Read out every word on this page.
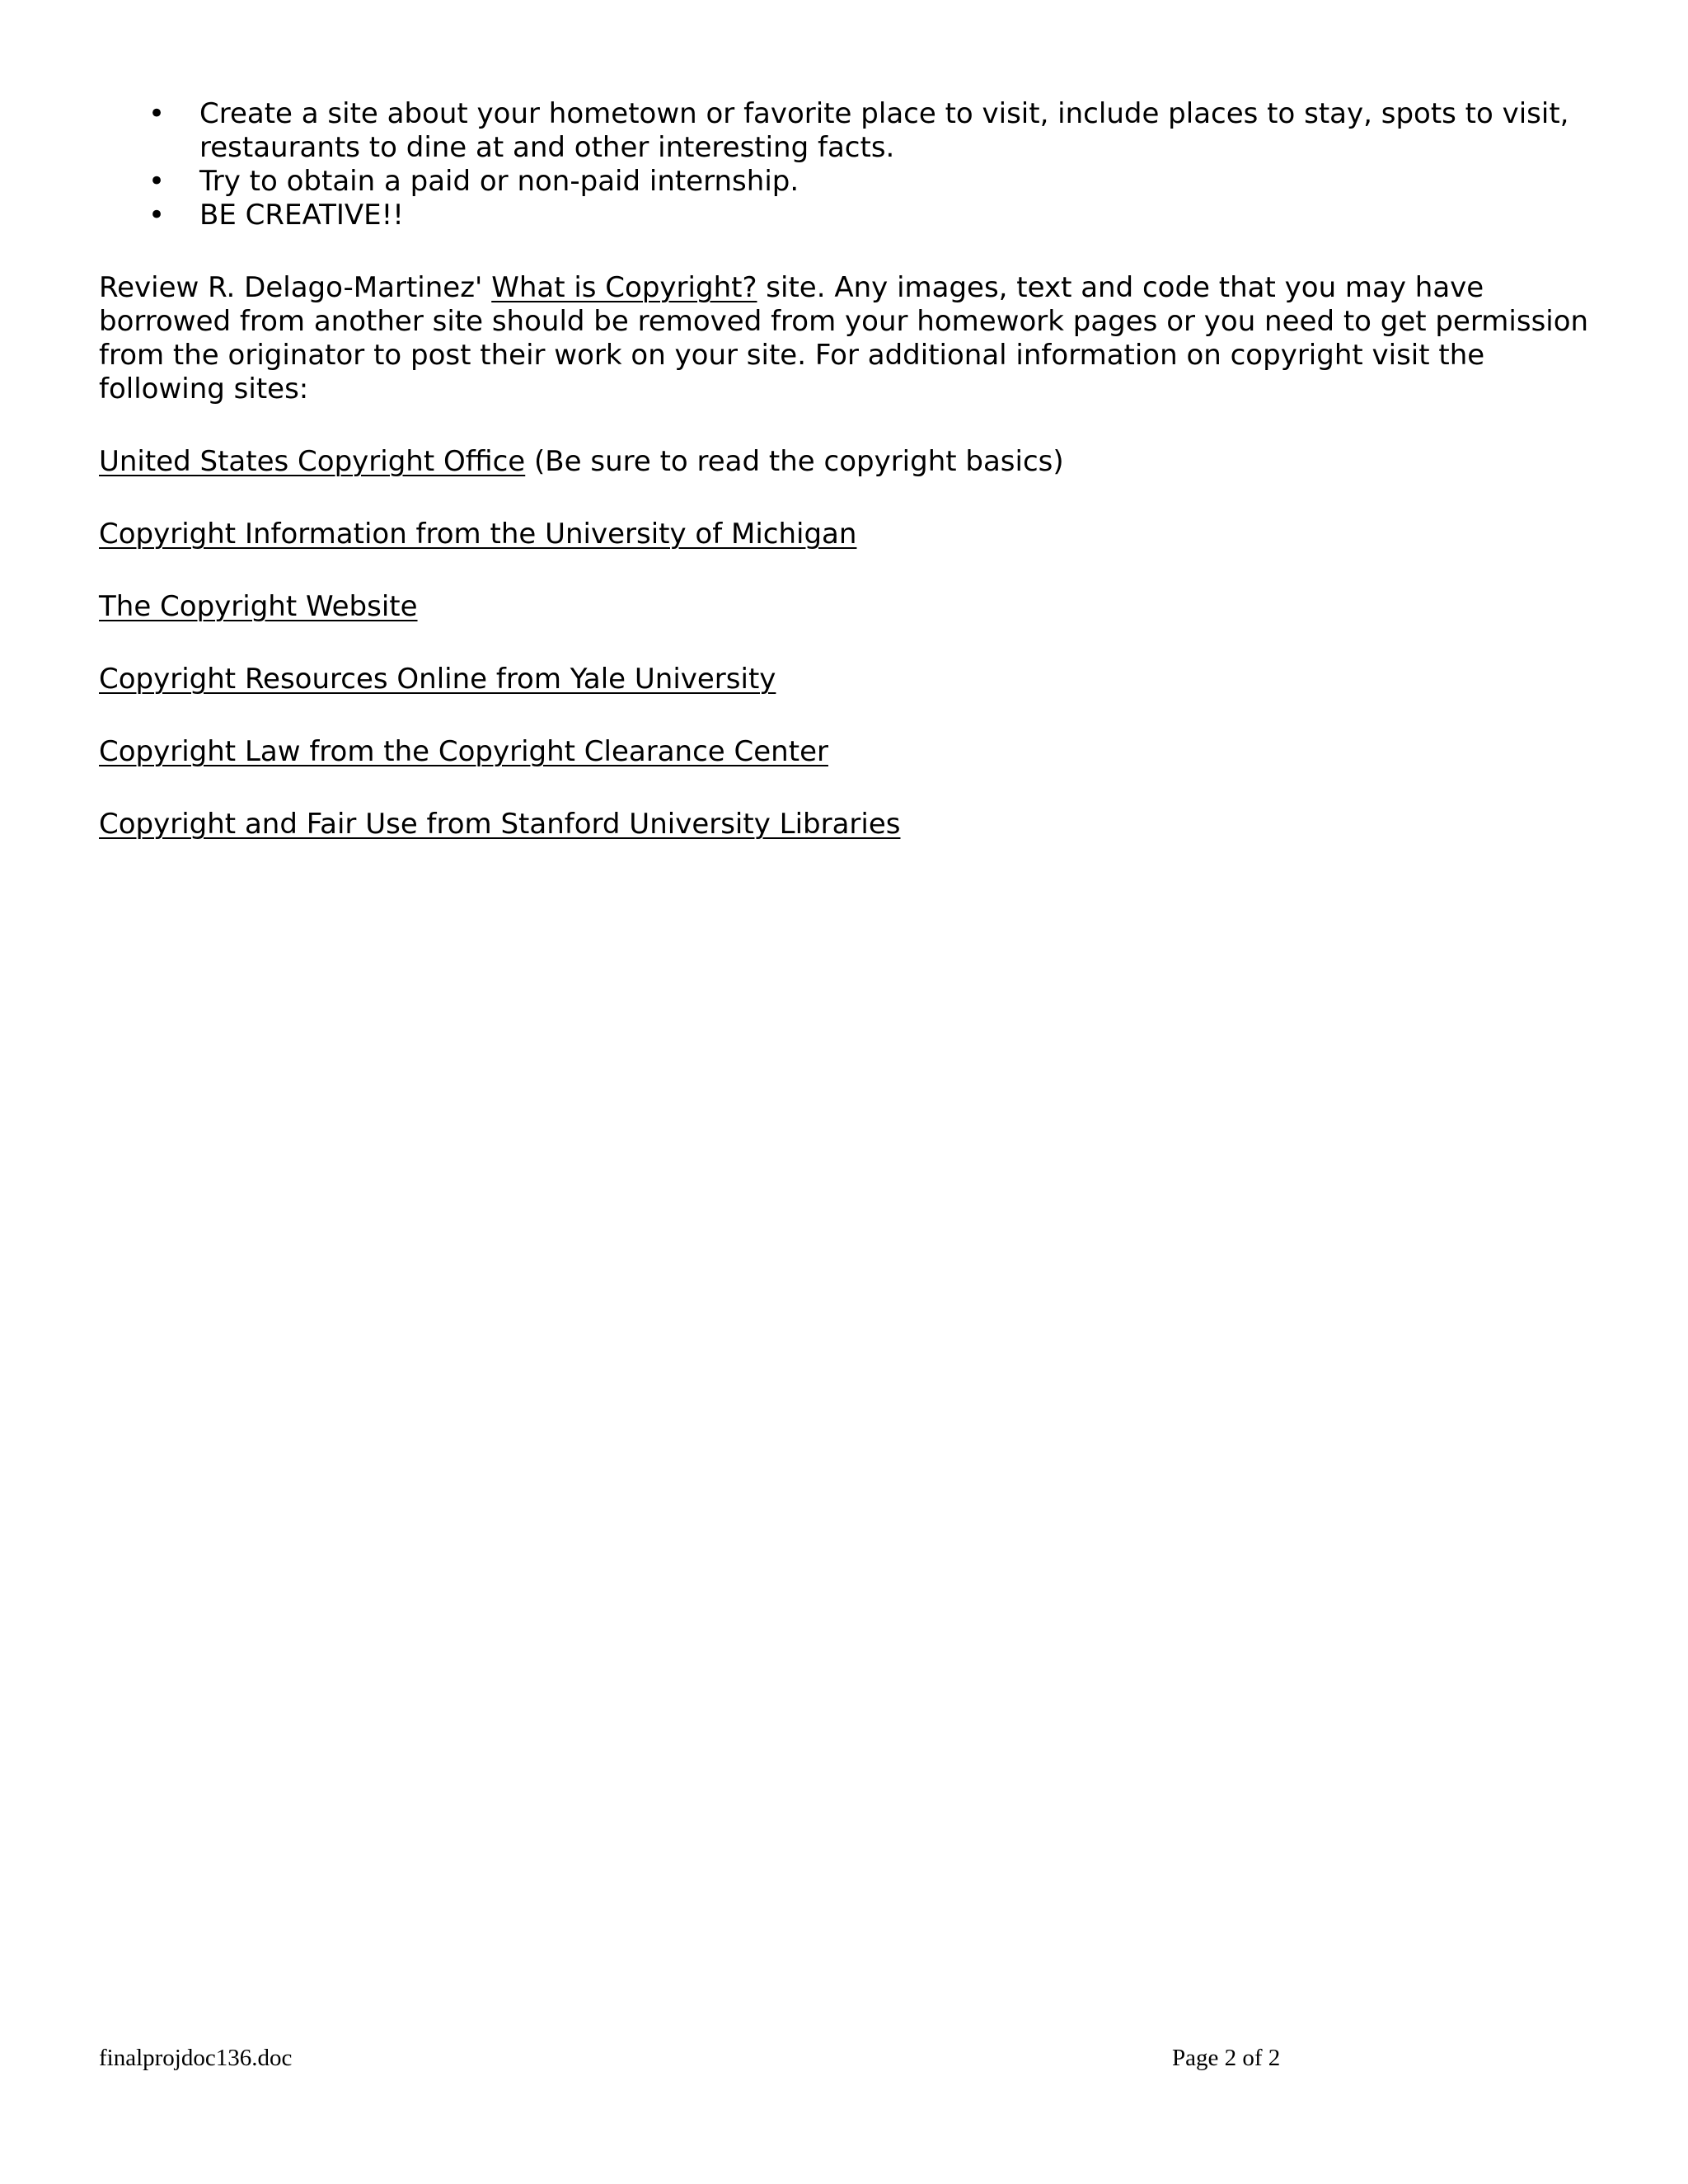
• Create a site about your hometown or favorite place to visit, include places to stay, spots to visit, restaurants to dine at and other interesting facts.
• Try to obtain a paid or non-paid internship.
• BE CREATIVE!!

Review R. Delago-Martinez' What is Copyright? site. Any images, text and code that you may have borrowed from another site should be removed from your homework pages or you need to get permission from the originator to post their work on your site. For additional information on copyright visit the following sites:

United States Copyright Office (Be sure to read the copyright basics)
Copyright Information from the University of Michigan
The Copyright Website
Copyright Resources Online from Yale University
Copyright Law from the Copyright Clearance Center
Copyright and Fair Use from Stanford University Libraries
finalprojdoc136.doc	Page 2 of 2
